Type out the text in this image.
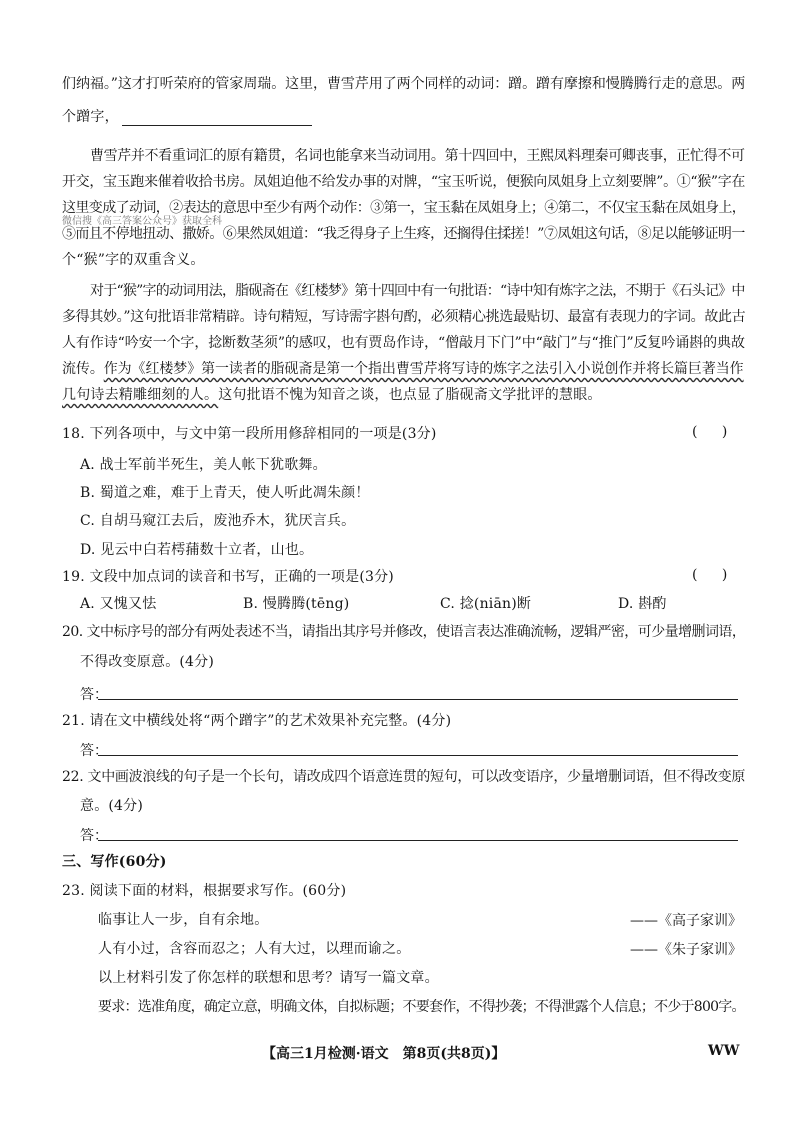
们纳福。”这才打听荣府的管家周瑞。这里，曹雪芹用了两个同样的动词：蹭。蹭有摩擦和慢腾腾行走的意思。两
个蹭字，
曹雪芹并不看重词汇的原有籍贯，名词也能拿来当动词用。第十四回中，王熙凤料理秦可卿丧事，正忙得不可
开交，宝玉跑来催着收拾书房。凤姐迫他不给发办事的对牌，“宝玉听说，便猴向凤姐身上立刻要牌”。①“猴”字在
这里变成了动词，②表达的意思中至少有两个动作：③第一，宝玉黏在凤姐身上；④第二，不仅宝玉黏在凤姐身上，
微信搜《高三答案公众号》获取全科
⑤而且不停地扭动、撒娇。⑥果然凤姐道：“我乏得身子上生疼，还搁得住揉搓！”⑦凤姐这句话，⑧足以能够证明一
个“猴”字的双重含义。
对于“猴”字的动词用法，脂砚斋在《红楼梦》第十四回中有一句批语：“诗中知有炼字之法，不期于《石头记》中
多得其妙。”这句批语非常精辟。诗句精短，写诗需字斟句酌，必须精心挑选最贴切、最富有表现力的字词。故此古
人有作诗“吟安一个字，捻断数茎须”的感叹，也有贾岛作诗，“僧敲月下门”中“敲门”与“推门”反复吟诵斟的典故
流传。作为《红楼梦》第一读者的脂砚斋是第一个指出曹雪芹将写诗的炼字之法引入小说创作并将长篇巨著当作
几句诗去精雕细刻的人。这句批语不愧为知音之谈，也点显了脂砚斋文学批评的慧眼。
18. 下列各项中，与文中第一段所用修辞相同的一项是(3分)	( )
A. 战士军前半死生，美人帐下犹歌舞。
B. 蜀道之难，难于上青天，使人听此凋朱颜！
C. 自胡马窥江去后，废池乔木，犹厌言兵。
D. 见云中白若樗蒱数十立者，山也。
19. 文段中加点词的读音和书写，正确的一项是(3分)	( )
A. 又愧又怯	B. 慢腾腾(tēng)	C. 捻(niān)断	D. 斟酌
20. 文中标序号的部分有两处表述不当，请指出其序号并修改，使语言表达准确流畅，逻辑严密，可少量增删词语，
不得改变原意。(4分)
答：
21. 请在文中横线处将“两个蹭字”的艺术效果补充完整。(4分)
答：
22. 文中画波浪线的句子是一个长句，请改成四个语意连贯的短句，可以改变语序，少量增删词语，但不得改变原
意。(4分)
答：
三、写作(60分)
23. 阅读下面的材料，根据要求写作。(60分)
临事让人一步，自有余地。	——《高子家训》
人有小过，含容而忍之；人有大过，以理而谕之。	——《朱子家训》
以上材料引发了你怎样的联想和思考？请写一篇文章。
要求：选准角度，确定立意，明确文体，自拟标题；不要套作，不得抄袭；不得泄露个人信息；不少于800字。
【高三1月检测·语文　第8页(共8页)】	WW
